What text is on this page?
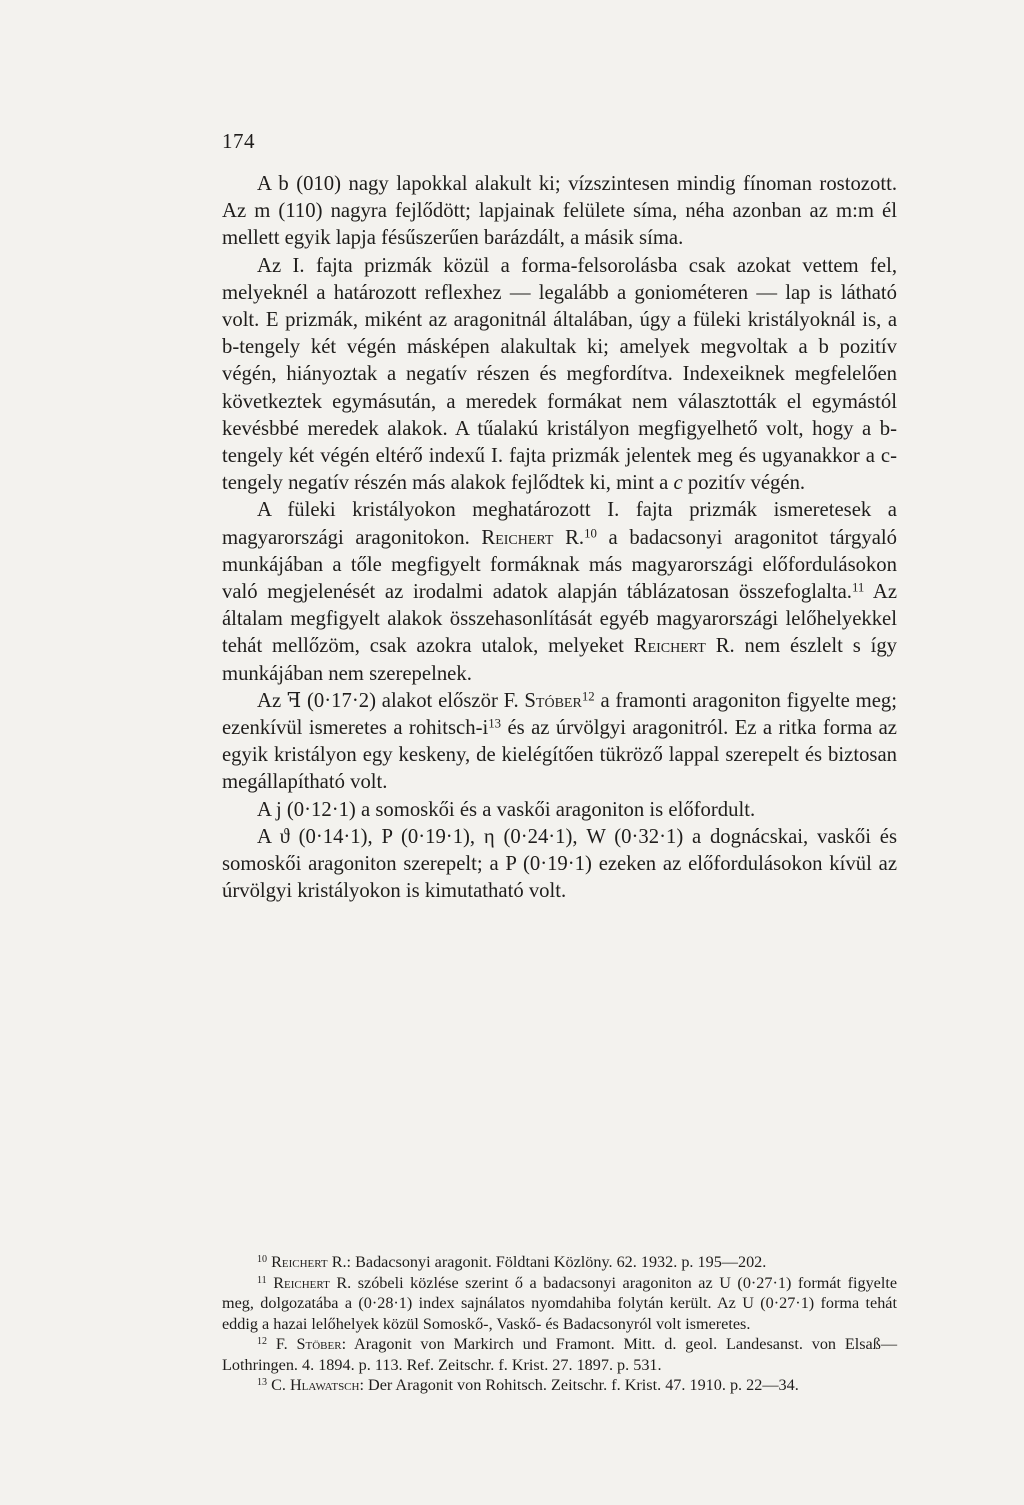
174

A b (010) nagy lapokkal alakult ki; vízszintesen mindig fínoman rostozott. Az m (110) nagyra fejlődött; lapjainak felülete síma, néha azonban az m:m él mellett egyik lapja fésűszerűen barázdált, a másik síma.

Az I. fajta prizmák közül a forma-felsorolásba csak azokat vettem fel, melyeknél a határozott reflexhez — legalább a goniométeren — lap is látható volt. E prizmák, miként az aragonitnál általában, úgy a füleki kristályoknál is, a b-tengely két végén másképen alakultak ki; amelyek megvoltak a b pozitív végén, hiányoztak a negatív részen és megfordítva. Indexeiknek megfelelően következtek egymásután, a meredek formákat nem választották el egymástól kevésbbé meredek alakok. A tűalakú kristályon megfigyelhető volt, hogy a b-tengely két végén eltérő indexű I. fajta prizmák jelentek meg és ugyanakkor a c-tengely negatív részén más alakok fejlődtek ki, mint a c pozitív végén.

A füleki kristályokon meghatározott I. fajta prizmák ismeretesek a magyarországi aragonitokon. Reichert R.$^{10}$ a badacsonyi aragonitot tárgyaló munkájában a tőle megfigyelt formáknak más magyarországi előfordulásokon való megjelenését az irodalmi adatok alapján táblázatosan összefoglalta.$^{11}$ Az általam megfigyelt alakok összehasonlítását egyéb magyarországi lelőhelyekkel tehát mellőzöm, csak azokra utalok, melyeket Reichert R. nem észlelt s így munkájában nem szerepelnek.

Az ꟻ (0·17·2) alakot először F. Stóber$^{12}$ a framonti aragoniton figyelte meg; ezenkívül ismeretes a rohitsch-$i^{13}$ és az úrvölgyi aragonitról. Ez a ritka forma az egyik kristályon egy keskeny, de kielégítően tükröző lappal szerepelt és biztosan megállapítható volt.

A j (0·12·1) a somoskői és a vaskői aragoniton is előfordult.

A ϑ (0·14·1), P (0·19·1), η (0·24·1), W (0·32·1) a dognácskai, vaskői és somoskői aragoniton szerepelt; a P (0·19·1) ezeken az előfordulásokon kívül az úrvölgyi kristályokon is kimutatható volt.

$^{10}$ Reichert R.: Badacsonyi aragonit. Földtani Közlöny. 62. 1932. p. 195—202.

$^{11}$ Reichert R. szóbeli közlése szerint ő a badacsonyi aragoniton az U (0·27·1) formát figyelte meg, dolgozatába a (0·28·1) index sajnálatos nyomdahiba folytán került. Az U (0·27·1) forma tehát eddig a hazai lelőhelyek közül Somoskő-, Vaskő- és Badacsonyról volt ismeretes.

$^{12}$ F. Stöber: Aragonit von Markirch und Framont. Mitt. d. geol. Landesanst. von Elsaß—Lothringen. 4. 1894. p. 113. Ref. Zeitschr. f. Krist. 27. 1897. p. 531.

$^{13}$ C. Hlawatsch: Der Aragonit von Rohitsch. Zeitschr. f. Krist. 47. 1910. p. 22—34.
